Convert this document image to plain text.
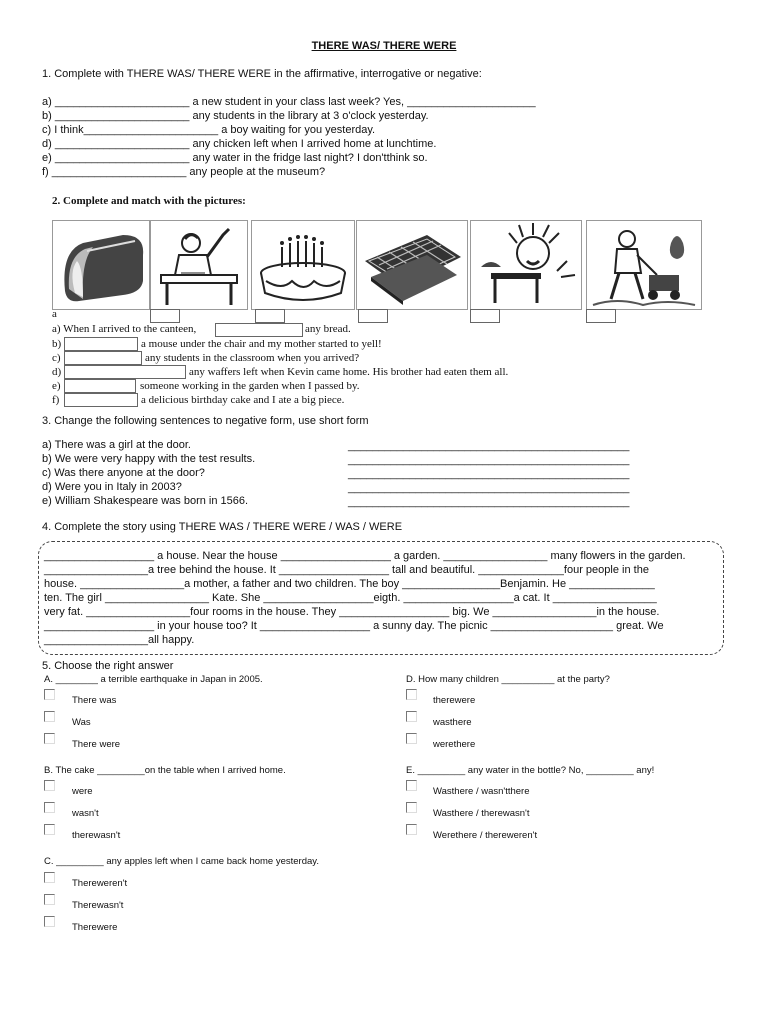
THERE WAS/ THERE WERE
1. Complete with THERE WAS/ THERE WERE in the affirmative, interrogative or negative:
a) ______________________ a new student in your class last week? Yes, _____________________
b) ______________________ any students in the library at 3 o'clock yesterday.
c) I think______________________ a boy waiting for you yesterday.
d) ______________________ any chicken left when I arrived home at lunchtime.
e) ______________________ any water in the fridge last night? I don'tthink so.
f) ______________________ any people at the museum?
2. Complete and match with the pictures:
a
a) When I arrived to the canteen,	any bread.
b)	a mouse under the chair and my mother started to yell!
c)	any students in the classroom when you arrived?
d)	any waffers left when Kevin came home. His brother had eaten them all.
e)	someone working in the garden when I passed by.
f)	a delicious birthday cake and I ate a big piece.
3. Change the following sentences to negative form, use short form
a) There was a girl at the door.
b) We were very happy with the test results.
c) Was there anyone at the door?
d) Were you in Italy in 2003?
e) William Shakespeare was born in 1566.
______________________________________________
______________________________________________
______________________________________________
______________________________________________
______________________________________________
4. Complete the story using THERE WAS / THERE WERE / WAS / WERE
__________________ a house. Near the house __________________ a garden. _________________ many flowers in the garden.
_________________a tree behind the house. It __________________ tall and beautiful. ______________four people in the
house. _________________a mother, a father and two children. The boy ________________Benjamin. He ______________
ten. The girl _________________ Kate. She __________________eigth. __________________a cat. It _________________
very fat. _________________four rooms in the house. They __________________ big. We _________________in the house.
__________________ in your house too? It __________________ a sunny day. The picnic ____________________ great. We
_________________all happy.
5. Choose the right answer
A. ________ a terrible earthquake in Japan in 2005.
There was
Was
There were
D. How many children __________ at the party?
therewere
wasthere
werethere
B. The cake _________on the table when I arrived home.
were
wasn't
therewasn't
E. _________ any water in the bottle? No, _________ any!
Wasthere / wasn'tthere
Wasthere / therewasn't
Werethere / thereweren't
C. _________ any apples left when I came back home yesterday.
Thereweren't
Therewasn't
Therewere
